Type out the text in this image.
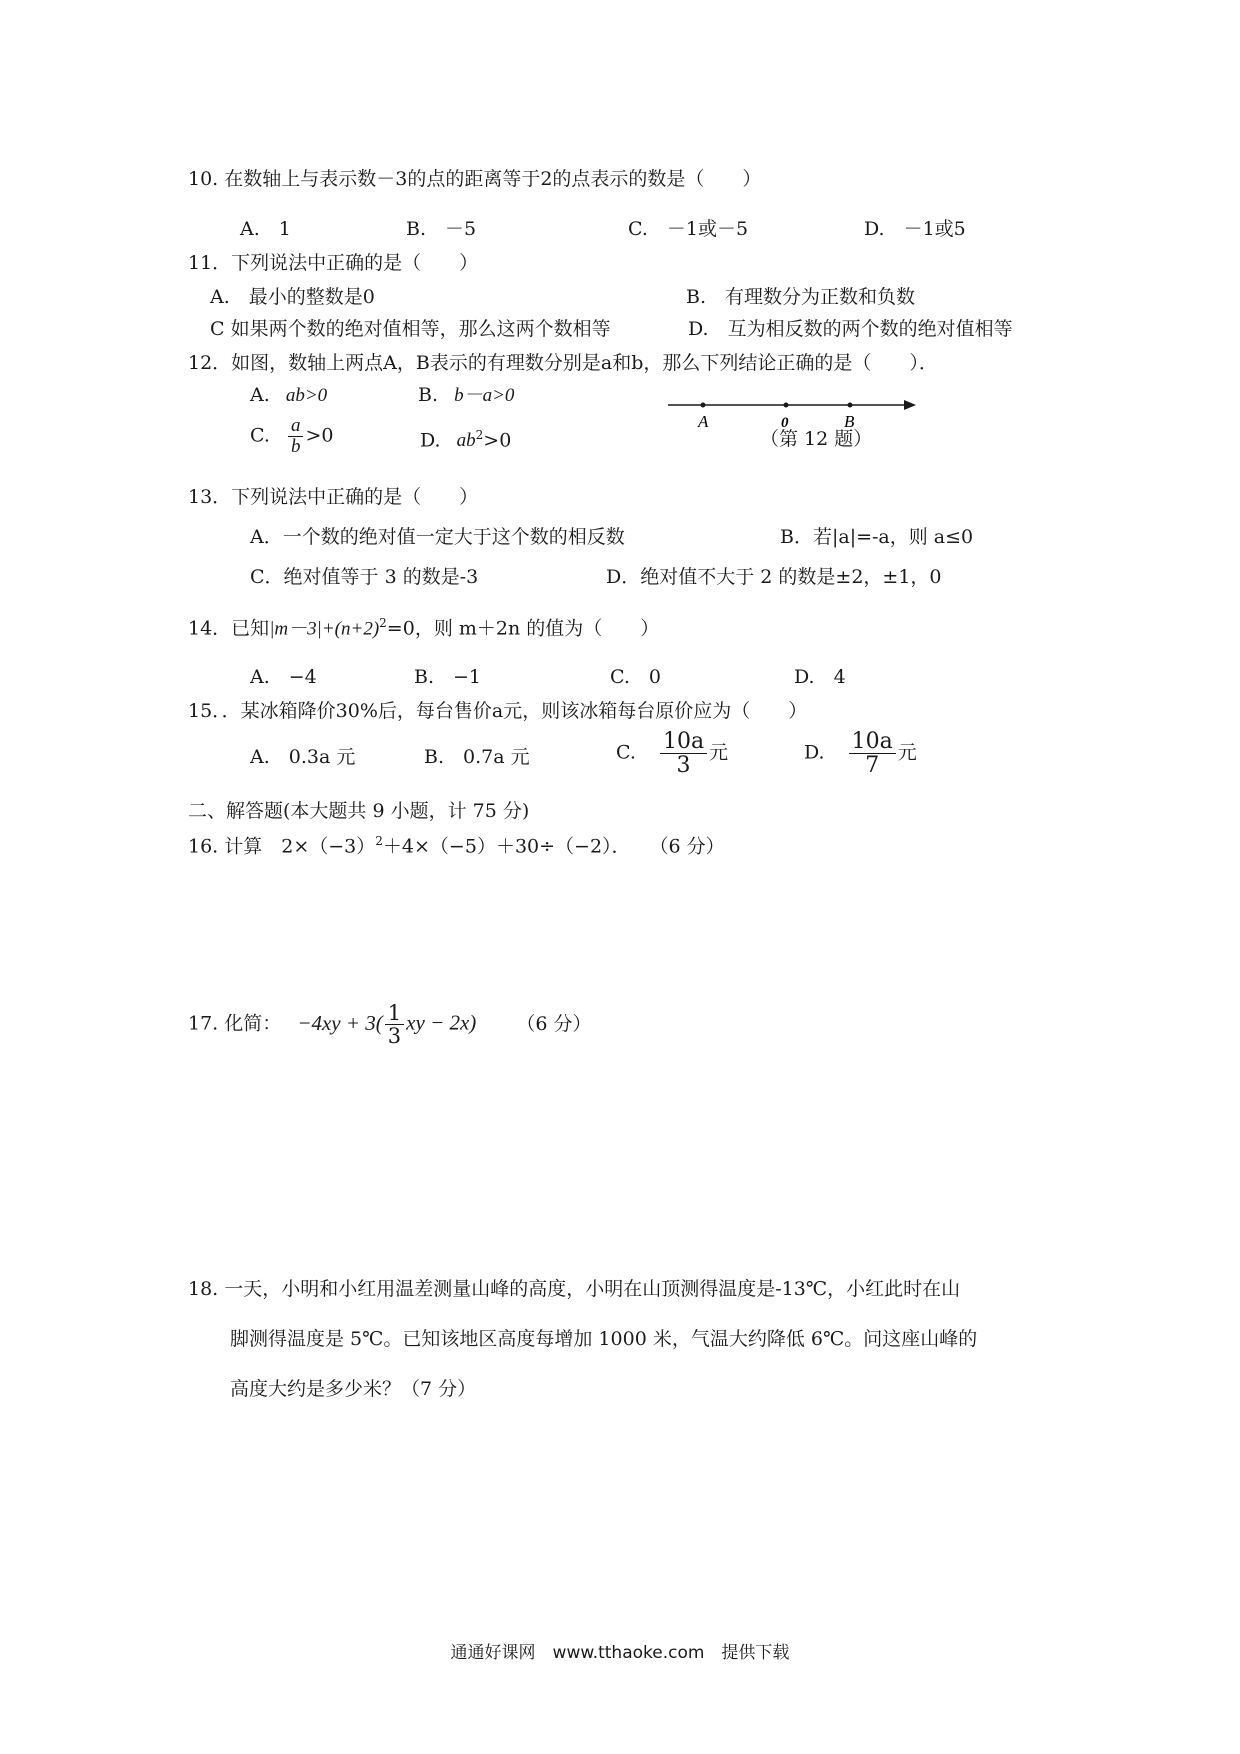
10. 在数轴上与表示数－3的点的距离等于2的点表示的数是（　　）
A.　1	B.　－5	C.　－1或－5	D.　－1或5
11．下列说法中正确的是（　　）
A.　最小的整数是0	B.　有理数分为正数和负数
C 如果两个数的绝对值相等，那么这两个数相等	D.　互为相反数的两个数的绝对值相等
12．如图，数轴上两点A，B表示的有理数分别是a和b，那么下列结论正确的是（　　）．
A. ab>0	B. b－a>0
C. $\frac{a}{b} >0$	D. $ab^2>0$
A	0	B
（第 12 题）
13．下列说法中正确的是（　　）
A．一个数的绝对值一定大于这个数的相反数	B．若|a|=-a，则 a≤0
C．绝对值等于 3 的数是-3	D．绝对值不大于 2 的数是±2，±1，0
14．已知$|m-3|+(n+2)^2=0$，则 m＋2n 的值为（　　）
A.　−4	B.　−1	C.　0	D.　4
15．．某冰箱降价30%后，每台售价a元，则该冰箱每台原价应为（　　）
A.　0.3a 元	B.　0.7a 元	C. $\frac{10a}{3}$ 元	D. $\frac{10a}{7}$ 元
二、解答题(本大题共 9 小题，计 75 分)
16. 计算　$2\times(-3)^2+4\times(-5)+30\div(-2)$．　　（6 分）
17. 化简： $-4xy + 3( \frac{1}{3}$ xy − 2x) （6 分）
18. 一天，小明和小红用温差测量山峰的高度，小明在山顶测得温度是-13℃，小红此时在山
脚测得温度是 5℃。已知该地区高度每增加 1000 米，气温大约降低 6℃。问这座山峰的
高度大约是多少米？（7 分）
通通好课网　www.tthaoke.com　提供下载
